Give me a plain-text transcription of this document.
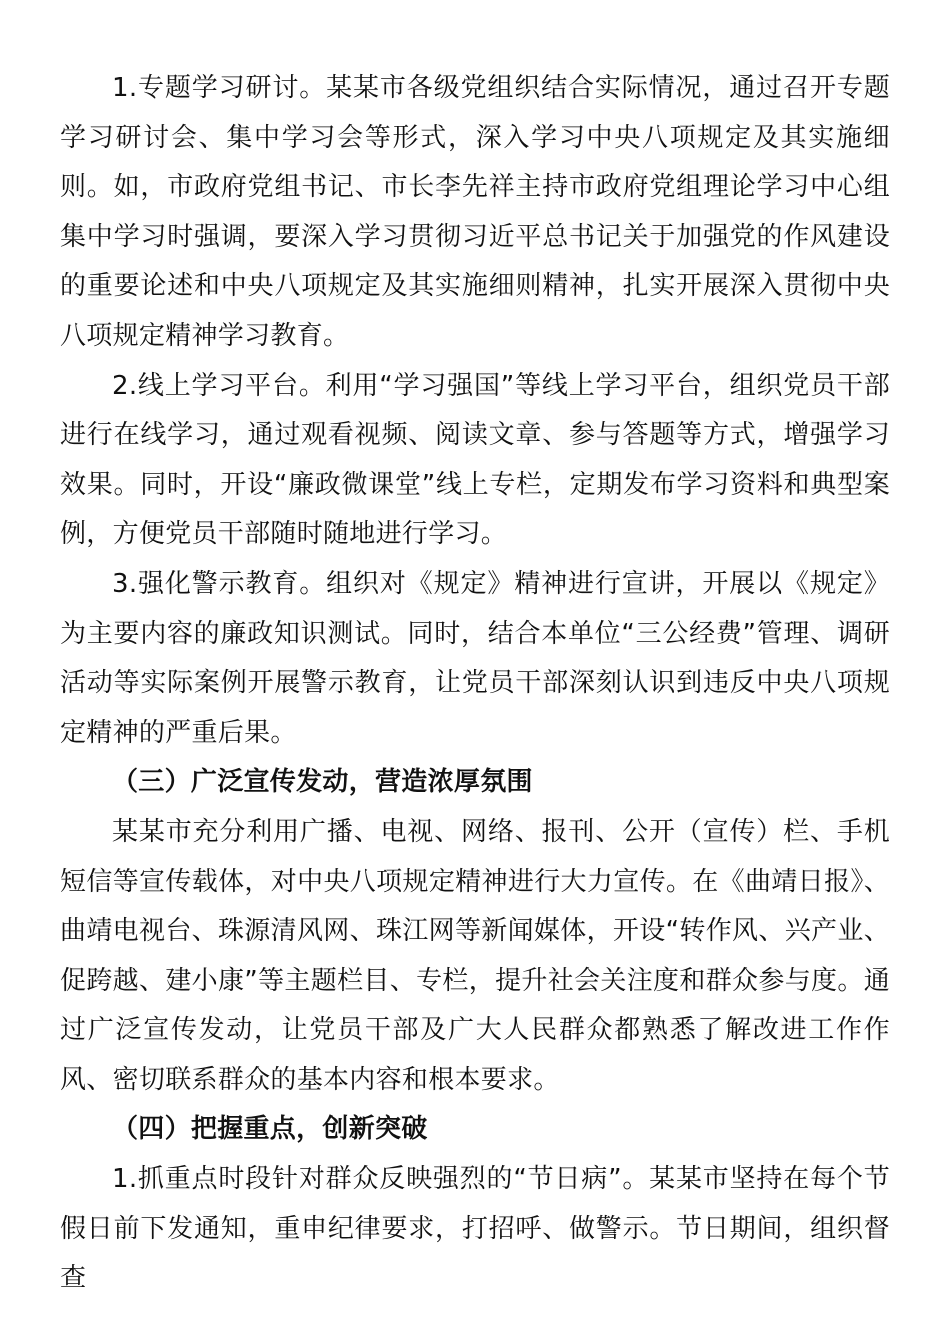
1.专题学习研讨。某某市各级党组织结合实际情况，通过召开专题学习研讨会、集中学习会等形式，深入学习中央八项规定及其实施细则。如，市政府党组书记、市长李先祥主持市政府党组理论学习中心组集中学习时强调，要深入学习贯彻习近平总书记关于加强党的作风建设的重要论述和中央八项规定及其实施细则精神，扎实开展深入贯彻中央八项规定精神学习教育。

2.线上学习平台。利用“学习强国”等线上学习平台，组织党员干部进行在线学习，通过观看视频、阅读文章、参与答题等方式，增强学习效果。同时，开设“廉政微课堂”线上专栏，定期发布学习资料和典型案例，方便党员干部随时随地进行学习。

3.强化警示教育。组织对《规定》精神进行宣讲，开展以《规定》为主要内容的廉政知识测试。同时，结合本单位“三公经费”管理、调研活动等实际案例开展警示教育，让党员干部深刻认识到违反中央八项规定精神的严重后果。

（三）广泛宣传发动，营造浓厚氛围

某某市充分利用广播、电视、网络、报刊、公开（宣传）栏、手机短信等宣传载体，对中央八项规定精神进行大力宣传。在《曲靖日报》、曲靖电视台、珠源清风网、珠江网等新闻媒体，开设“转作风、兴产业、促跨越、建小康”等主题栏目、专栏，提升社会关注度和群众参与度。通过广泛宣传发动，让党员干部及广大人民群众都熟悉了解改进工作作风、密切联系群众的基本内容和根本要求。

（四）把握重点，创新突破

1.抓重点时段针对群众反映强烈的“节日病”。某某市坚持在每个节假日前下发通知，重申纪律要求，打招呼、做警示。节日期间，组织督查
